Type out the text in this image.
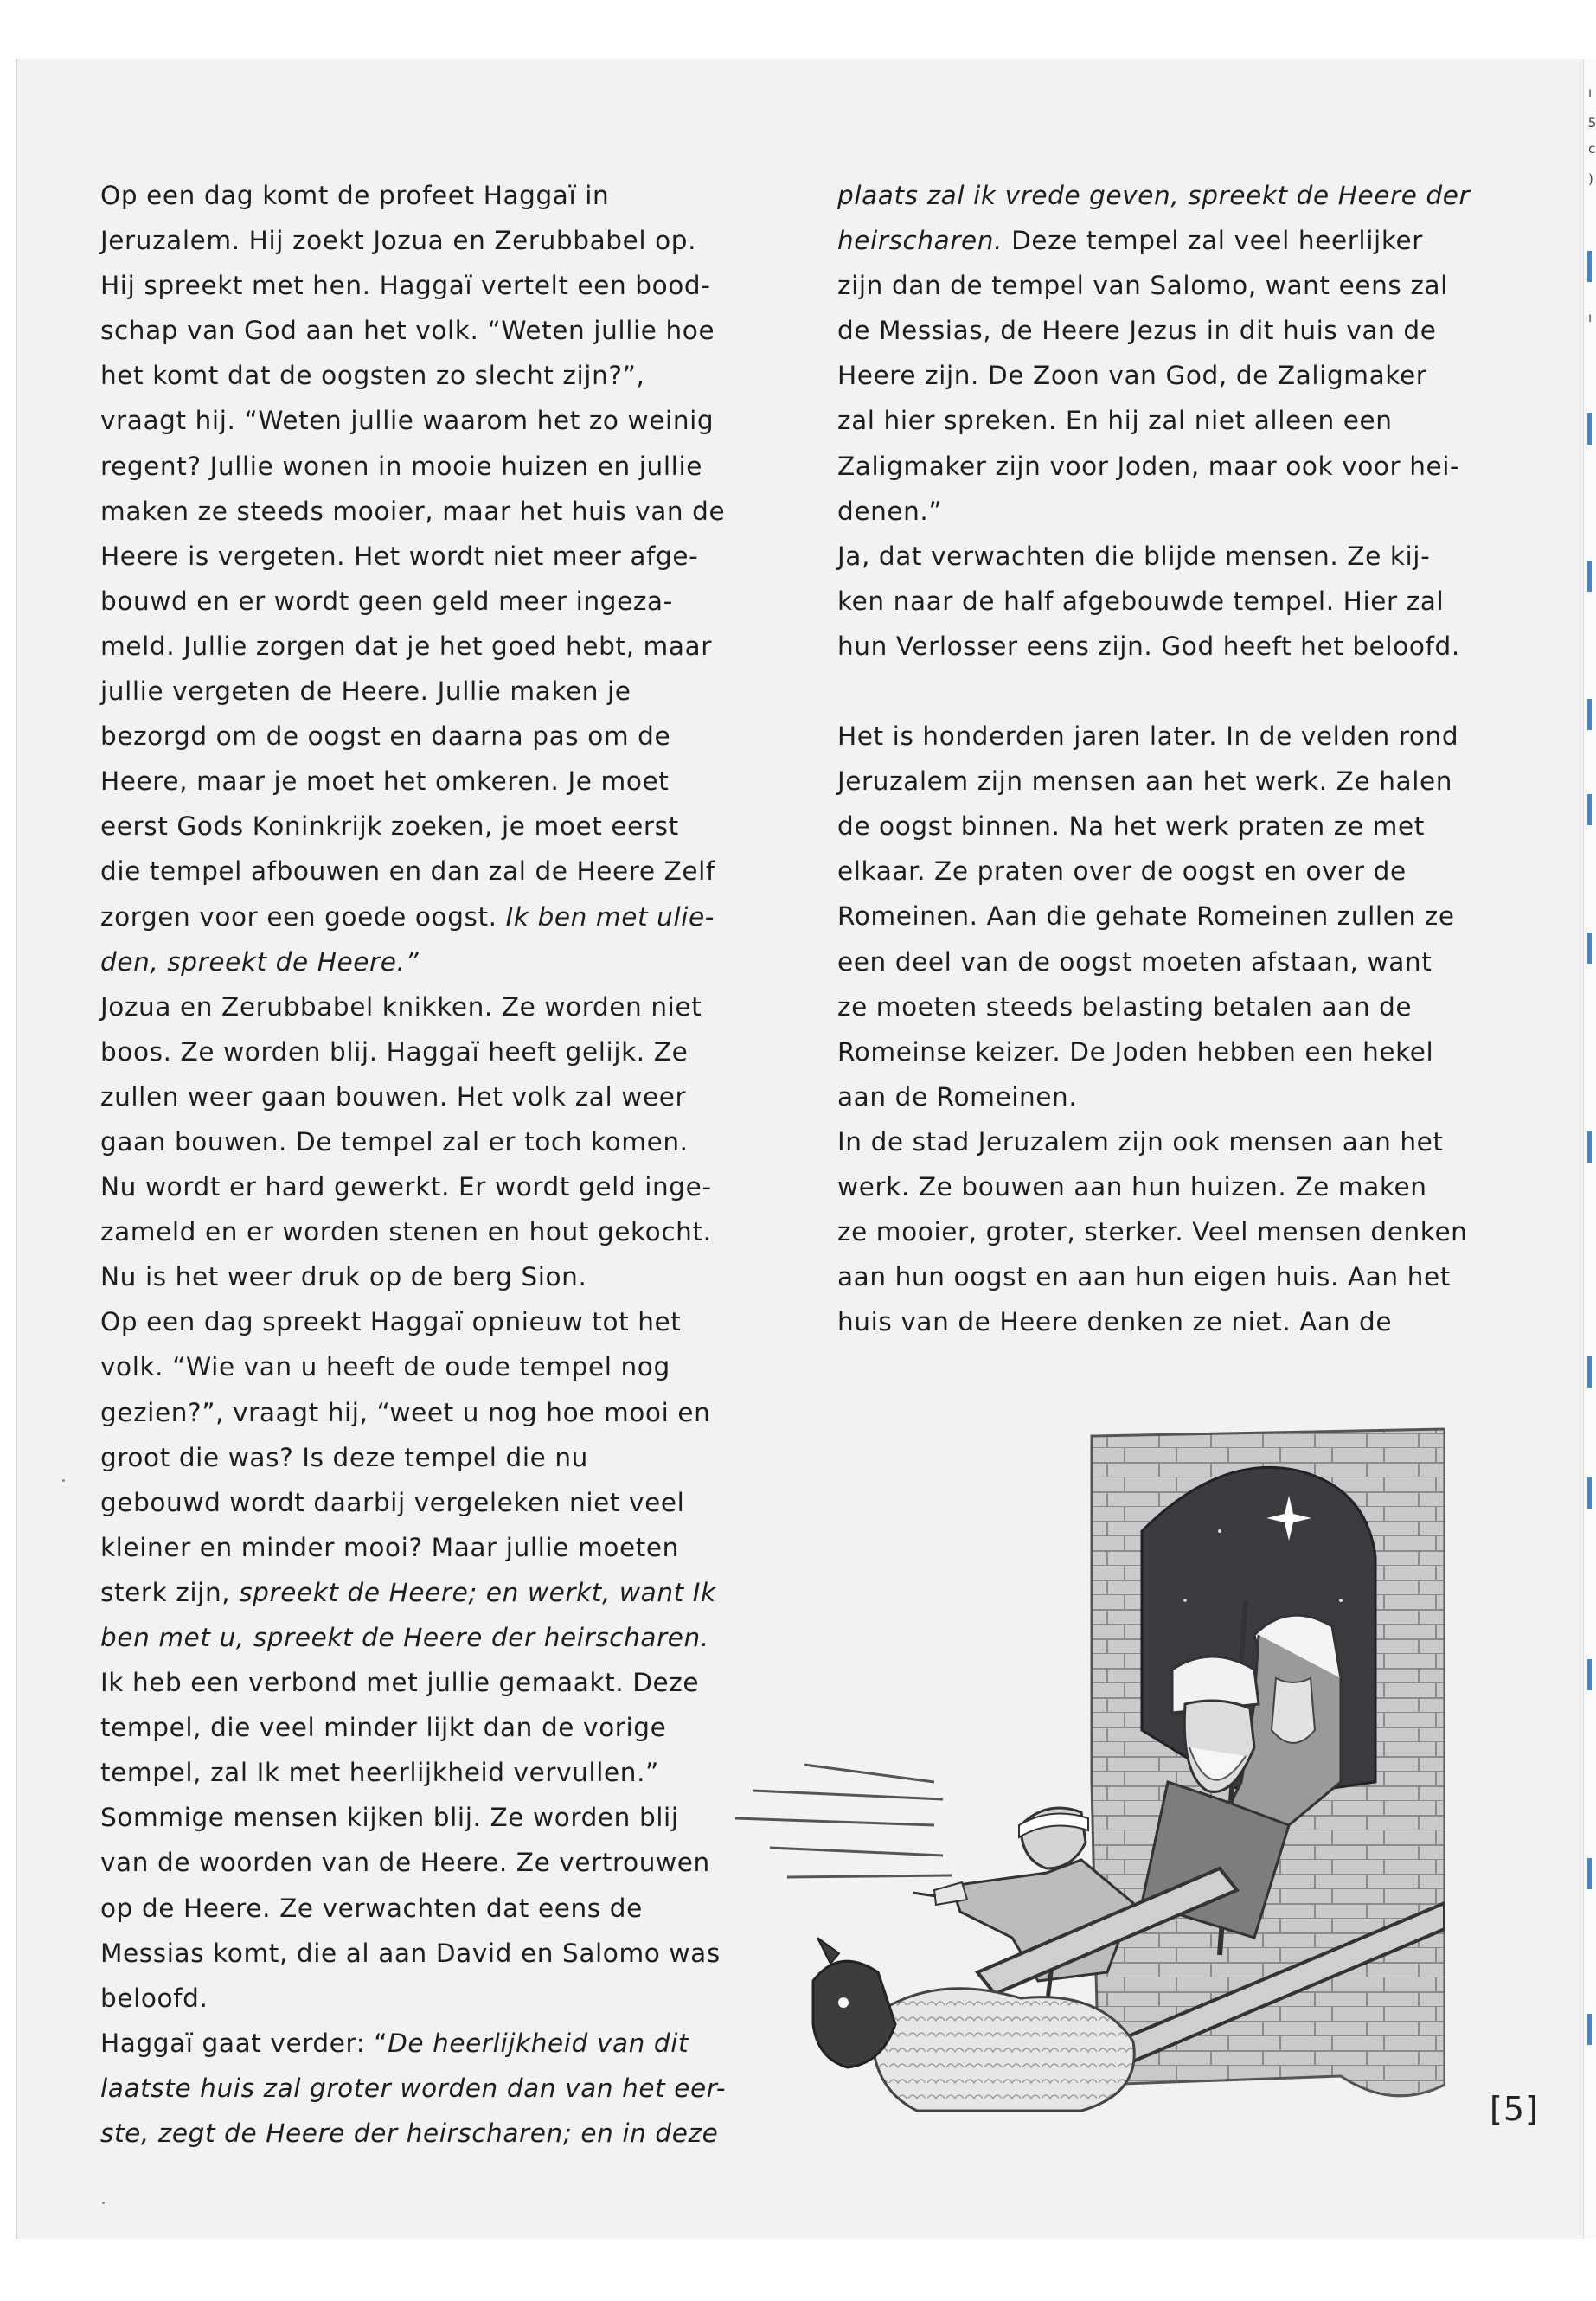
Op een dag komt de profeet Haggaï in
Jeruzalem. Hij zoekt Jozua en Zerubbabel op.
Hij spreekt met hen. Haggaï vertelt een bood-
schap van God aan het volk. “Weten jullie hoe
het komt dat de oogsten zo slecht zijn?”,
vraagt hij. “Weten jullie waarom het zo weinig
regent? Jullie wonen in mooie huizen en jullie
maken ze steeds mooier, maar het huis van de
Heere is vergeten. Het wordt niet meer afge-
bouwd en er wordt geen geld meer ingeza-
meld. Jullie zorgen dat je het goed hebt, maar
jullie vergeten de Heere. Jullie maken je
bezorgd om de oogst en daarna pas om de
Heere, maar je moet het omkeren. Je moet
eerst Gods Koninkrijk zoeken, je moet eerst
die tempel afbouwen en dan zal de Heere Zelf
zorgen voor een goede oogst. Ik ben met ulie-
den, spreekt de Heere.”
Jozua en Zerubbabel knikken. Ze worden niet
boos. Ze worden blij. Haggaï heeft gelijk. Ze
zullen weer gaan bouwen. Het volk zal weer
gaan bouwen. De tempel zal er toch komen.
Nu wordt er hard gewerkt. Er wordt geld inge-
zameld en er worden stenen en hout gekocht.
Nu is het weer druk op de berg Sion.
Op een dag spreekt Haggaï opnieuw tot het
volk. “Wie van u heeft de oude tempel nog
gezien?”, vraagt hij, “weet u nog hoe mooi en
groot die was? Is deze tempel die nu
gebouwd wordt daarbij vergeleken niet veel
kleiner en minder mooi? Maar jullie moeten
sterk zijn, spreekt de Heere; en werkt, want Ik
ben met u, spreekt de Heere der heirscharen.
Ik heb een verbond met jullie gemaakt. Deze
tempel, die veel minder lijkt dan de vorige
tempel, zal Ik met heerlijkheid vervullen.”
Sommige mensen kijken blij. Ze worden blij
van de woorden van de Heere. Ze vertrouwen
op de Heere. Ze verwachten dat eens de
Messias komt, die al aan David en Salomo was
beloofd.
Haggaï gaat verder: “De heerlijkheid van dit
laatste huis zal groter worden dan van het eer-
ste, zegt de Heere der heirscharen; en in deze
plaats zal ik vrede geven, spreekt de Heere der
heirscharen. Deze tempel zal veel heerlijker
zijn dan de tempel van Salomo, want eens zal
de Messias, de Heere Jezus in dit huis van de
Heere zijn. De Zoon van God, de Zaligmaker
zal hier spreken. En hij zal niet alleen een
Zaligmaker zijn voor Joden, maar ook voor hei-
denen.”
Ja, dat verwachten die blijde mensen. Ze kij-
ken naar de half afgebouwde tempel. Hier zal
hun Verlosser eens zijn. God heeft het beloofd.

Het is honderden jaren later. In de velden rond
Jeruzalem zijn mensen aan het werk. Ze halen
de oogst binnen. Na het werk praten ze met
elkaar. Ze praten over de oogst en over de
Romeinen. Aan die gehate Romeinen zullen ze
een deel van de oogst moeten afstaan, want
ze moeten steeds belasting betalen aan de
Romeinse keizer. De Joden hebben een hekel
aan de Romeinen.
In de stad Jeruzalem zijn ook mensen aan het
werk. Ze bouwen aan hun huizen. Ze maken
ze mooier, groter, sterker. Veel mensen denken
aan hun oogst en aan hun eigen huis. Aan het
huis van de Heere denken ze niet. Aan de
[5]
ı
ƽ
c
)
ı
